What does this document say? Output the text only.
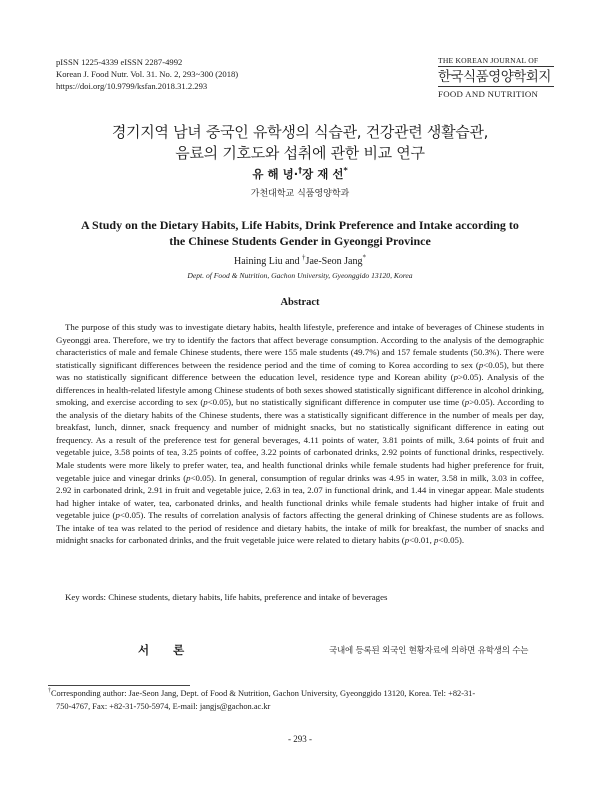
pISSN 1225-4339 eISSN 2287-4992
Korean J. Food Nutr. Vol. 31. No. 2, 293~300 (2018)
https://doi.org/10.9799/ksfan.2018.31.2.293
THE KOREAN JOURNAL OF
한국식품영양학회지
FOOD AND NUTRITION
경기지역 남녀 중국인 유학생의 식습관, 건강관련 생활습관,
음료의 기호도와 섭취에 관한 비교 연구
유 해 녕·†장 재 선*
가천대학교 식품영양학과
A Study on the Dietary Habits, Life Habits, Drink Preference and Intake according to
the Chinese Students Gender in Gyeonggi Province
Haining Liu and †Jae-Seon Jang*
Dept. of Food & Nutrition, Gachon University, Gyeonggido 13120, Korea
Abstract

The purpose of this study was to investigate dietary habits, health lifestyle, preference and intake of beverages of Chinese students in Gyeonggi area. Therefore, we try to identify the factors that affect beverage consumption. According to the analysis of the demographic characteristics of male and female Chinese students, there were 155 male students (49.7%) and 157 female students (50.3%). There were statistically significant differences between the residence period and the time of coming to Korea according to sex (p<0.05), but there was no statistically significant difference between the education level, residence type and Korean ability (p>0.05). Analysis of the differences in health-related lifestyle among Chinese students of both sexes showed statistically significant difference in alcohol drinking, smoking, and exercise according to sex (p<0.05), but no statistically significant difference in computer use time (p>0.05). According to the analysis of the dietary habits of the Chinese students, there was a statistically significant difference in the number of meals per day, breakfast, lunch, dinner, snack frequency and number of midnight snacks, but no statistically significant difference in eating out frequency. As a result of the preference test for general beverages, 4.11 points of water, 3.81 points of milk, 3.64 points of fruit and vegetable juice, 3.58 points of tea, 3.25 points of coffee, 3.22 points of carbonated drinks, 2.92 points of functional drinks, respectively. Male students were more likely to prefer water, tea, and health functional drinks while female students had higher preference for fruit, vegetable juice and vinegar drinks (p<0.05). In general, consumption of regular drinks was 4.95 in water, 3.58 in milk, 3.03 in coffee, 2.92 in carbonated drink, 2.91 in fruit and vegetable juice, 2.63 in tea, 2.07 in functional drink, and 1.44 in vinegar appear. Male students had higher intake of water, tea, carbonated drinks, and health functional drinks while female students had higher intake of fruit and vegetable juice (p<0.05). The results of correlation analysis of factors affecting the general drinking of Chinese students are as follows. The intake of tea was related to the period of residence and dietary habits, the intake of milk for breakfast, the number of snacks and midnight snacks for carbonated drinks, and the fruit vegetable juice were related to dietary habits (p<0.01, p<0.05).

Key words: Chinese students, dietary habits, life habits, preference and intake of beverages
서 론	국내에 등록된 외국인 현황자료에 의하면 유학생의 수는
†Corresponding author: Jae-Seon Jang, Dept. of Food & Nutrition, Gachon University, Gyeonggido 13120, Korea. Tel: +82-31-
750-4767, Fax: +82-31-750-5974, E-mail: jangjs@gachon.ac.kr
- 293 -
